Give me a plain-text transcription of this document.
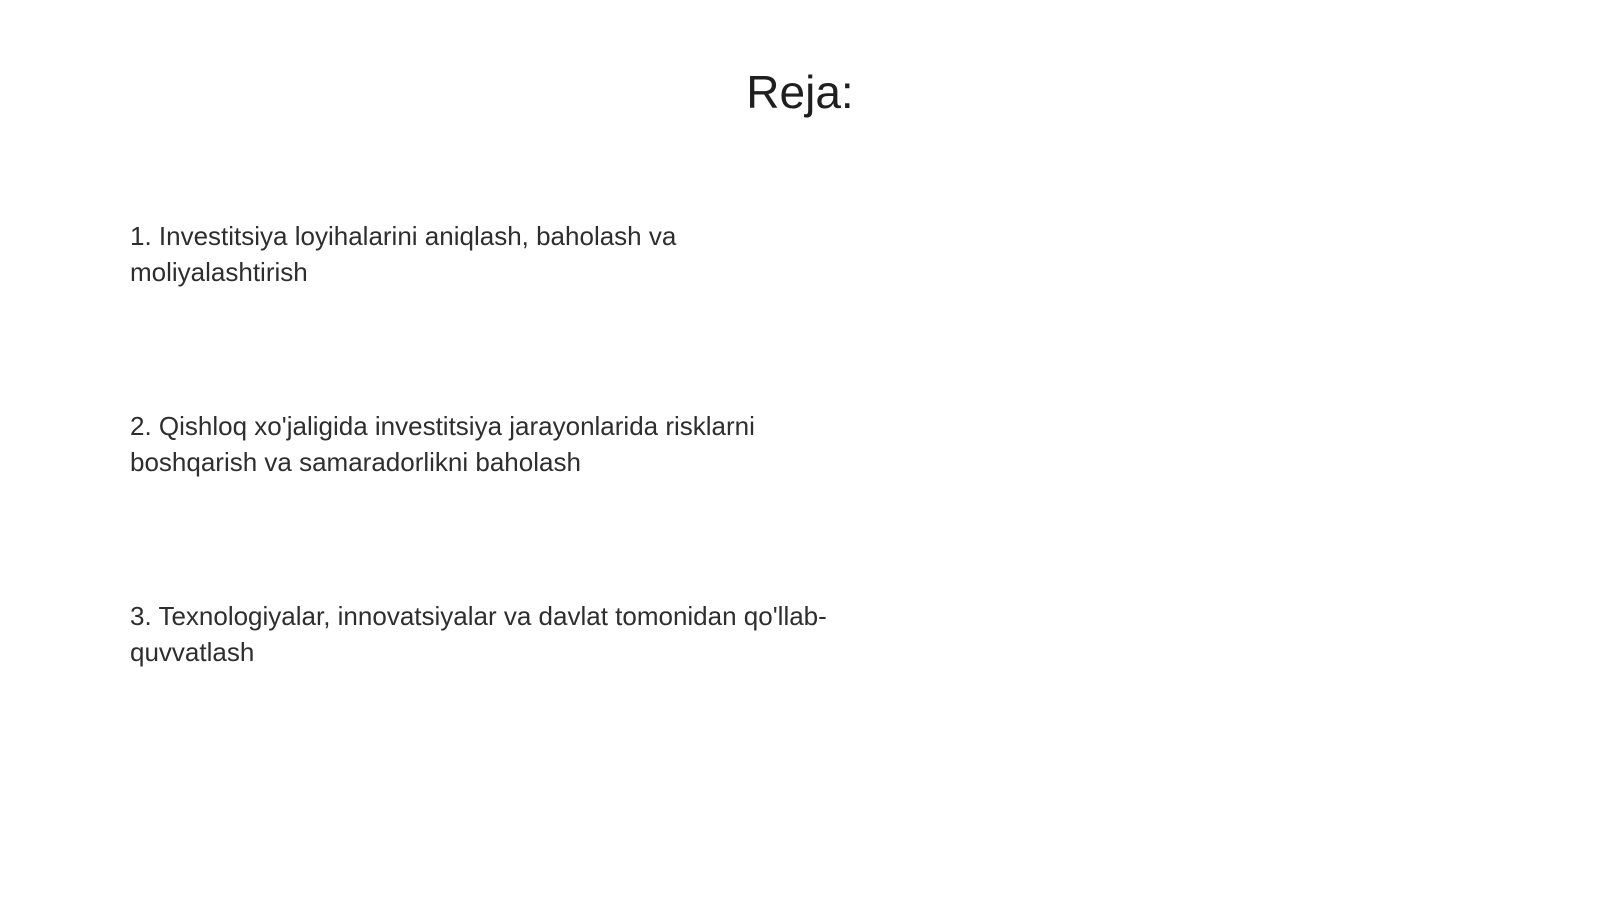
Reja:
1. Investitsiya loyihalarini aniqlash, baholash va moliyalashtirish
2. Qishloq xo'jaligida investitsiya jarayonlarida risklarni boshqarish va samaradorlikni baholash
3. Texnologiyalar, innovatsiyalar va davlat tomonidan qo'llab-quvvatlash
